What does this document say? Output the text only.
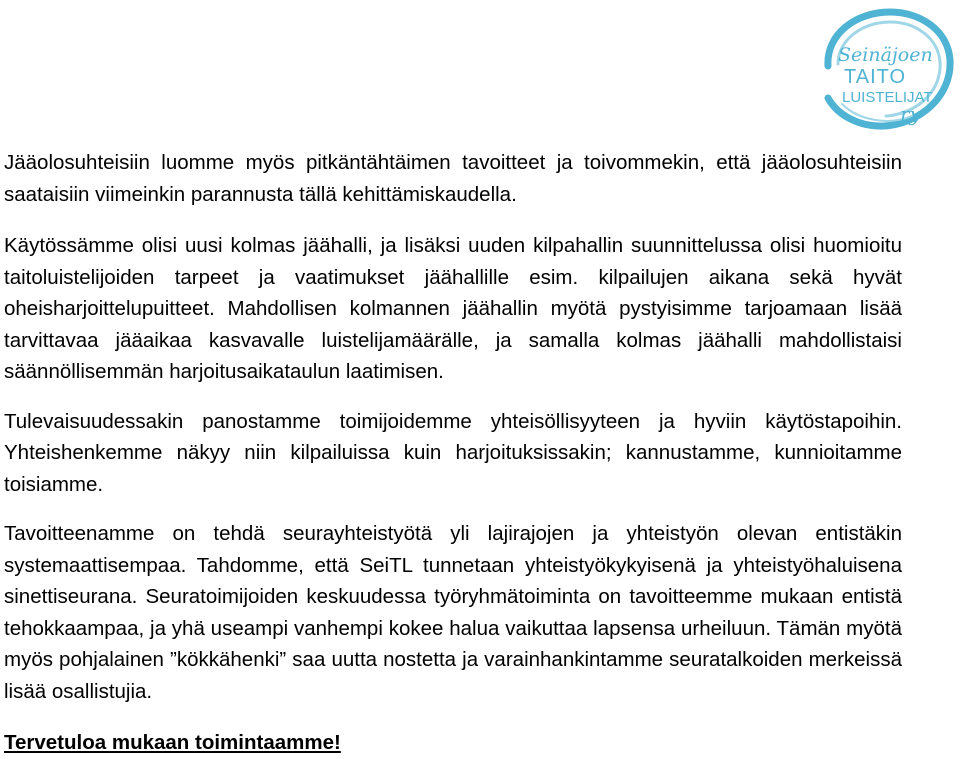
Seinäjoen
TAITO
LUISTELIJAT
ry

Jääolosuhteisiin luomme myös pitkäntähtäimen tavoitteet ja toivommekin, että jääolosuhteisiin saataisiin viimeinkin parannusta tällä kehittämiskaudella.

Käytössämme olisi uusi kolmas jäähalli, ja lisäksi uuden kilpahallin suunnittelussa olisi huomioitu taitoluistelijoiden tarpeet ja vaatimukset jäähallille esim. kilpailujen aikana sekä hyvät oheisharjoittelupuitteet. Mahdollisen kolmannen jäähallin myötä pystyisimme tarjoamaan lisää tarvittavaa jääaikaa kasvavalle luistelijamäärälle, ja samalla kolmas jäähalli mahdollistaisi säännöllisemmän harjoitusaikataulun laatimisen.

Tulevaisuudessakin panostamme toimijoidemme yhteisöllisyyteen ja hyviin käytöstapoihin. Yhteishenkemme näkyy niin kilpailuissa kuin harjoituksissakin; kannustamme, kunnioitamme toisiamme.

Tavoitteenamme on tehdä seurayhteistyötä yli lajirajojen ja yhteistyön olevan entistäkin systemaattisempaa. Tahdomme, että SeiTL tunnetaan yhteistyökykyisenä ja yhteistyöhaluisena sinettiseurana. Seuratoimijoiden keskuudessa työryhmätoiminta on tavoitteemme mukaan entistä tehokkaampaa, ja yhä useampi vanhempi kokee halua vaikuttaa lapsensa urheiluun. Tämän myötä myös pohjalainen ”kökkähenki” saa uutta nostetta ja varainhankintamme seuratalkoiden merkeissä lisää osallistujia.

Tervetuloa mukaan toimintaamme!
